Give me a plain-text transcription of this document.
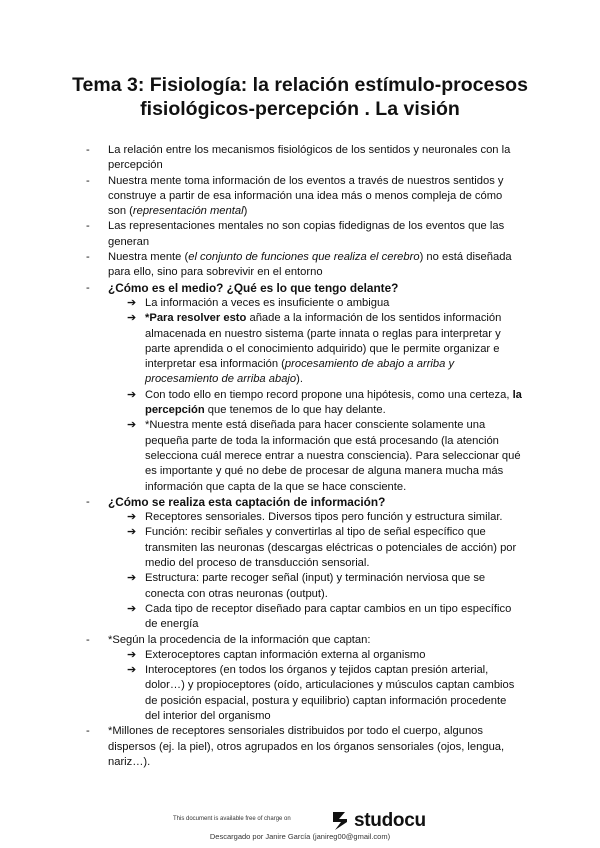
Tema 3: Fisiología: la relación estímulo-procesos
fisiológicos-percepción . La visión

-	La relación entre los mecanismos fisiológicos de los sentidos y neuronales con la percepción

-	Nuestra mente toma información de los eventos a través de nuestros sentidos y construye a partir de esa información una idea más o menos compleja de cómo son (representación mental)

-	Las representaciones mentales no son copias fidedignas de los eventos que las generan

-	Nuestra mente (el conjunto de funciones que realiza el cerebro) no está diseñada para ello, sino para sobrevivir en el entorno

-	¿Cómo es el medio? ¿Qué es lo que tengo delante?

➔ La información a veces es insuficiente o ambigua

➔ *Para resolver esto añade a la información de los sentidos información almacenada en nuestro sistema (parte innata o reglas para interpretar y parte aprendida o el conocimiento adquirido) que le permite organizar e interpretar esa información (procesamiento de abajo a arriba y procesamiento de arriba abajo).

➔ Con todo ello en tiempo record propone una hipótesis, como una certeza, la percepción que tenemos de lo que hay delante.

➔ *Nuestra mente está diseñada para hacer consciente solamente una pequeña parte de toda la información que está procesando (la atención selecciona cuál merece entrar a nuestra consciencia). Para seleccionar qué es importante y qué no debe de procesar de alguna manera mucha más información que capta de la que se hace consciente.

-	¿Cómo se realiza esta captación de información?

➔ Receptores sensoriales. Diversos tipos pero función y estructura similar.

➔ Función: recibir señales y convertirlas al tipo de señal específico que transmiten las neuronas (descargas eléctricas o potenciales de acción) por medio del proceso de transducción sensorial.

➔ Estructura: parte recoger señal (input) y terminación nerviosa que se conecta con otras neuronas (output).

➔ Cada tipo de receptor diseñado para captar cambios en un tipo específico de energía

-	*Según la procedencia de la información que captan:

➔ Exteroceptores captan información externa al organismo

➔ Interoceptores (en todos los órganos y tejidos captan presión arterial, dolor…) y propioceptores (oído, articulaciones y músculos captan cambios de posición espacial, postura y equilibrio) captan información procedente del interior del organismo

-	*Millones de receptores sensoriales distribuidos por todo el cuerpo, algunos dispersos (ej. la piel), otros agrupados en los órganos sensoriales (ojos, lengua, nariz…).

This document is available free of charge on	studocu
Descargado por Janire García (janireg00@gmail.com)
